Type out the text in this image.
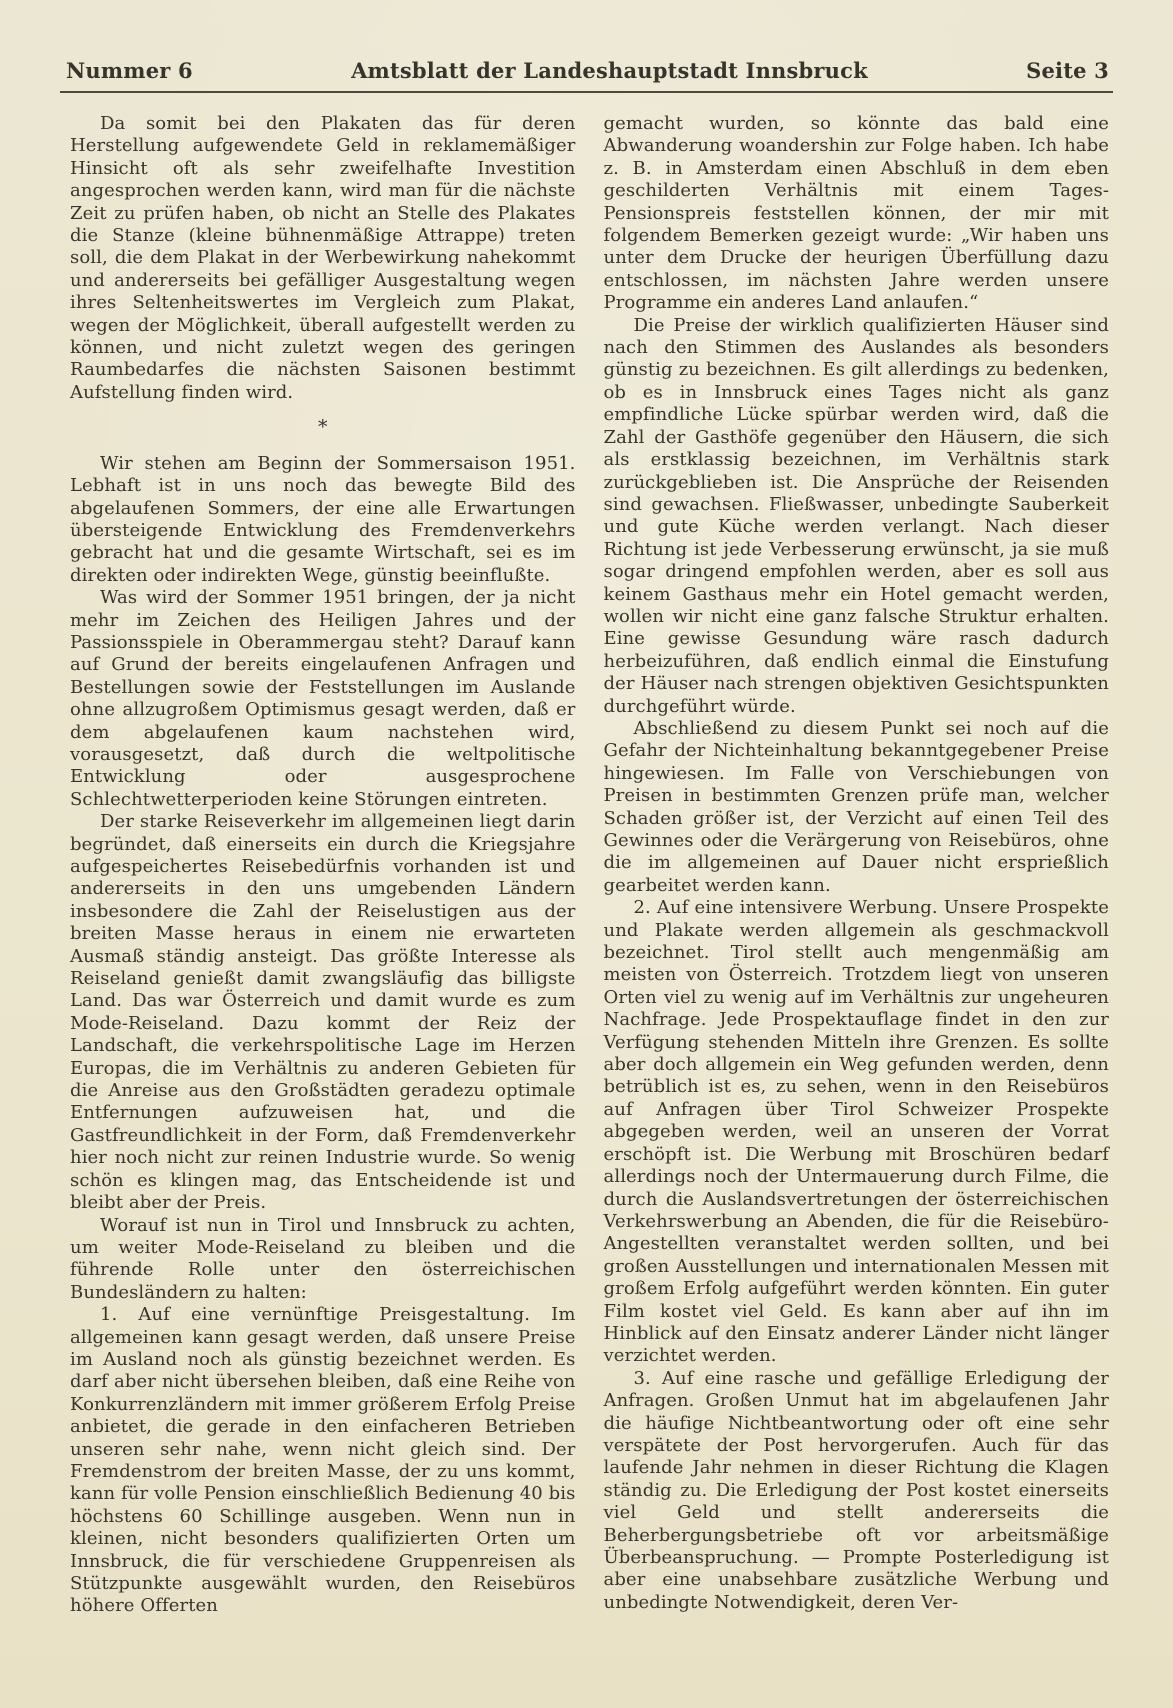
Nummer 6	Amtsblatt der Landeshauptstadt Innsbruck	Seite 3

Da somit bei den Plakaten das für deren Herstellung aufgewendete Geld in reklamemäßiger Hinsicht oft als sehr zweifelhafte Investition angesprochen werden kann, wird man für die nächste Zeit zu prüfen haben, ob nicht an Stelle des Plakates die Stanze (kleine bühnenmäßige Attrappe) treten soll, die dem Plakat in der Werbewirkung nahekommt und andererseits bei gefälliger Ausgestaltung wegen ihres Seltenheitswertes im Vergleich zum Plakat, wegen der Möglichkeit, überall aufgestellt werden zu können, und nicht zuletzt wegen des geringen Raumbedarfes die nächsten Saisonen bestimmt Aufstellung finden wird.

*

Wir stehen am Beginn der Sommersaison 1951. Lebhaft ist in uns noch das bewegte Bild des abgelaufenen Sommers, der eine alle Erwartungen übersteigende Entwicklung des Fremdenverkehrs gebracht hat und die gesamte Wirtschaft, sei es im direkten oder indirekten Wege, günstig beeinflußte.

Was wird der Sommer 1951 bringen, der ja nicht mehr im Zeichen des Heiligen Jahres und der Passionsspiele in Oberammergau steht? Darauf kann auf Grund der bereits eingelaufenen Anfragen und Bestellungen sowie der Feststellungen im Auslande ohne allzugroßem Optimismus gesagt werden, daß er dem abgelaufenen kaum nachstehen wird, vorausgesetzt, daß durch die weltpolitische Entwicklung oder ausgesprochene Schlechtwetterperioden keine Störungen eintreten.

Der starke Reiseverkehr im allgemeinen liegt darin begründet, daß einerseits ein durch die Kriegsjahre aufgespeichertes Reisebedürfnis vorhanden ist und andererseits in den uns umgebenden Ländern insbesondere die Zahl der Reiselustigen aus der breiten Masse heraus in einem nie erwarteten Ausmaß ständig ansteigt. Das größte Interesse als Reiseland genießt damit zwangsläufig das billigste Land. Das war Österreich und damit wurde es zum Mode-Reiseland. Dazu kommt der Reiz der Landschaft, die verkehrspolitische Lage im Herzen Europas, die im Verhältnis zu anderen Gebieten für die Anreise aus den Großstädten geradezu optimale Entfernungen aufzuweisen hat, und die Gastfreundlichkeit in der Form, daß Fremdenverkehr hier noch nicht zur reinen Industrie wurde. So wenig schön es klingen mag, das Entscheidende ist und bleibt aber der Preis.

Worauf ist nun in Tirol und Innsbruck zu achten, um weiter Mode-Reiseland zu bleiben und die führende Rolle unter den österreichischen Bundesländern zu halten:

1. Auf eine vernünftige Preisgestaltung. Im allgemeinen kann gesagt werden, daß unsere Preise im Ausland noch als günstig bezeichnet werden. Es darf aber nicht übersehen bleiben, daß eine Reihe von Konkurrenzländern mit immer größerem Erfolg Preise anbietet, die gerade in den einfacheren Betrieben unseren sehr nahe, wenn nicht gleich sind. Der Fremdenstrom der breiten Masse, der zu uns kommt, kann für volle Pension einschließlich Bedienung 40 bis höchstens 60 Schillinge ausgeben. Wenn nun in kleinen, nicht besonders qualifizierten Orten um Innsbruck, die für verschiedene Gruppenreisen als Stützpunkte ausgewählt wurden, den Reisebüros höhere Offerten

gemacht wurden, so könnte das bald eine Abwanderung woandershin zur Folge haben. Ich habe z. B. in Amsterdam einen Abschluß in dem eben geschilderten Verhältnis mit einem Tages-Pensionspreis feststellen können, der mir mit folgendem Bemerken gezeigt wurde: „Wir haben uns unter dem Drucke der heurigen Überfüllung dazu entschlossen, im nächsten Jahre werden unsere Programme ein anderes Land anlaufen.“

Die Preise der wirklich qualifizierten Häuser sind nach den Stimmen des Auslandes als besonders günstig zu bezeichnen. Es gilt allerdings zu bedenken, ob es in Innsbruck eines Tages nicht als ganz empfindliche Lücke spürbar werden wird, daß die Zahl der Gasthöfe gegenüber den Häusern, die sich als erstklassig bezeichnen, im Verhältnis stark zurückgeblieben ist. Die Ansprüche der Reisenden sind gewachsen. Fließwasser, unbedingte Sauberkeit und gute Küche werden verlangt. Nach dieser Richtung ist jede Verbesserung erwünscht, ja sie muß sogar dringend empfohlen werden, aber es soll aus keinem Gasthaus mehr ein Hotel gemacht werden, wollen wir nicht eine ganz falsche Struktur erhalten. Eine gewisse Gesundung wäre rasch dadurch herbeizuführen, daß endlich einmal die Einstufung der Häuser nach strengen objektiven Gesichtspunkten durchgeführt würde.

Abschließend zu diesem Punkt sei noch auf die Gefahr der Nichteinhaltung bekanntgegebener Preise hingewiesen. Im Falle von Verschiebungen von Preisen in bestimmten Grenzen prüfe man, welcher Schaden größer ist, der Verzicht auf einen Teil des Gewinnes oder die Verärgerung von Reisebüros, ohne die im allgemeinen auf Dauer nicht ersprießlich gearbeitet werden kann.

2. Auf eine intensivere Werbung. Unsere Prospekte und Plakate werden allgemein als geschmackvoll bezeichnet. Tirol stellt auch mengenmäßig am meisten von Österreich. Trotzdem liegt von unseren Orten viel zu wenig auf im Verhältnis zur ungeheuren Nachfrage. Jede Prospektauflage findet in den zur Verfügung stehenden Mitteln ihre Grenzen. Es sollte aber doch allgemein ein Weg gefunden werden, denn betrüblich ist es, zu sehen, wenn in den Reisebüros auf Anfragen über Tirol Schweizer Prospekte abgegeben werden, weil an unseren der Vorrat erschöpft ist. Die Werbung mit Broschüren bedarf allerdings noch der Untermauerung durch Filme, die durch die Auslandsvertretungen der österreichischen Verkehrswerbung an Abenden, die für die Reisebüro-Angestellten veranstaltet werden sollten, und bei großen Ausstellungen und internationalen Messen mit großem Erfolg aufgeführt werden könnten. Ein guter Film kostet viel Geld. Es kann aber auf ihn im Hinblick auf den Einsatz anderer Länder nicht länger verzichtet werden.

3. Auf eine rasche und gefällige Erledigung der Anfragen. Großen Unmut hat im abgelaufenen Jahr die häufige Nichtbeantwortung oder oft eine sehr verspätete der Post hervorgerufen. Auch für das laufende Jahr nehmen in dieser Richtung die Klagen ständig zu. Die Erledigung der Post kostet einerseits viel Geld und stellt andererseits die Beherbergungsbetriebe oft vor arbeitsmäßige Überbeanspruchung. — Prompte Posterledigung ist aber eine unabsehbare zusätzliche Werbung und unbedingte Notwendigkeit, deren Ver-
